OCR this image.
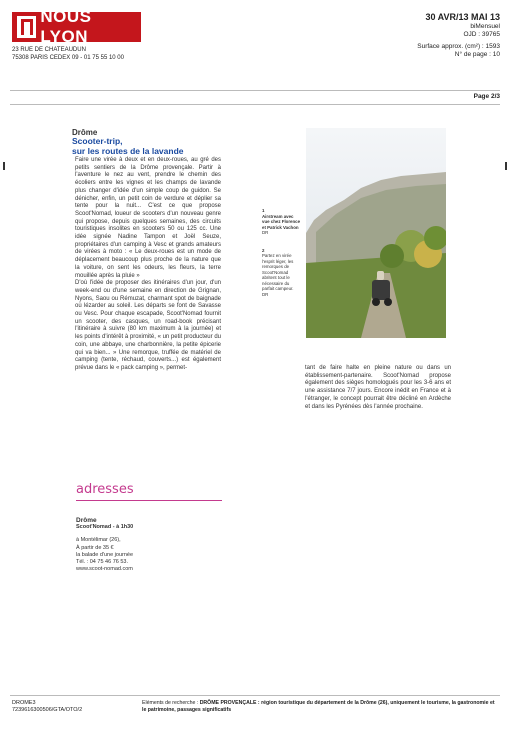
NOUS LYON
23 RUE DE CHATEAUDUN
75308 PARIS CEDEX 09 - 01 75 55 10 00
30 AVR/13 MAI 13
biMensuel
OJD : 39765
Surface approx. (cm²) : 1593
N° de page : 10
Page 2/3
Drôme
Scooter-trip,
sur les routes de la lavande

Faire une virée à deux et en deux-roues, au gré des petits sentiers de la Drôme provençale. Partir à l'aventure le nez au vent, prendre le chemin des écoliers entre les vignes et les champs de lavande plus changer d'idée d'un simple coup de guidon. Se dénicher, enfin, un petit coin de verdure et déplier sa tente pour la nuit... C'est ce que propose Scoot'Nomad, loueur de scooters d'un nouveau genre qui propose, depuis quelques semaines, des circuits touristiques insolites en scooters 50 ou 125 cc. Une idée signée Nadine Tampon et Joël Seuze, propriétaires d'un camping à Vesc et grands amateurs de virées à moto : « Le deux-roues est un mode de déplacement beaucoup plus proche de la nature que la voiture, on sent les odeurs, les fleurs, la terre mouillée après la pluie »

D'où l'idée de proposer des itinéraires d'un jour, d'un week-end ou d'une semaine en direction de Grignan, Nyons, Saou ou Rémuzat, charmant spot de baignade où lézarder au soleil. Les départs se font de Savasse ou Vesc. Pour chaque escapade, Scoot'Nomad fournit un scooter, des casques, un road-book précisant l'itinéraire à suivre (80 km maximum à la journée) et les points d'intérêt à proximité, « un petit producteur du coin, une abbaye, une charbonnière, la petite épicerie qui va bien... » Une remorque, truffée de matériel de camping (tente, réchaud, couverts...) est également prévue dans le « pack camping », permet-

1
Airstream avec vue chez Florence et Patrick Vachon
DR
2
Partez en virée l'esprit léger, les remorques de Scoot'Nomad abritent tout le nécessaire du parfait campeur.
DR
tant de faire halte en pleine nature ou dans un établissement-partenaire. Scoot'Nomad propose également des sièges homologués pour les 3-6 ans et une assistance 7/7 jours. Encore inédit en France et à l'étranger, le concept pourrait être décliné en Ardèche et dans les Pyrénées dès l'année prochaine.
adresses
Drôme
Scoot'Nomad - à 1h30
à Montélimar (26),
À partir de 35 €
la balade d'une journée
Tél. : 04 75 46 76 53.
www.scoot-nomad.com
DROME3
7239616300506/GTA/OTO/2
Eléments de recherche : DRÔME PROVENÇALE : région touristique du département de la Drôme (26), uniquement le tourisme, la gastronomie et le patrimoine, passages significatifs
